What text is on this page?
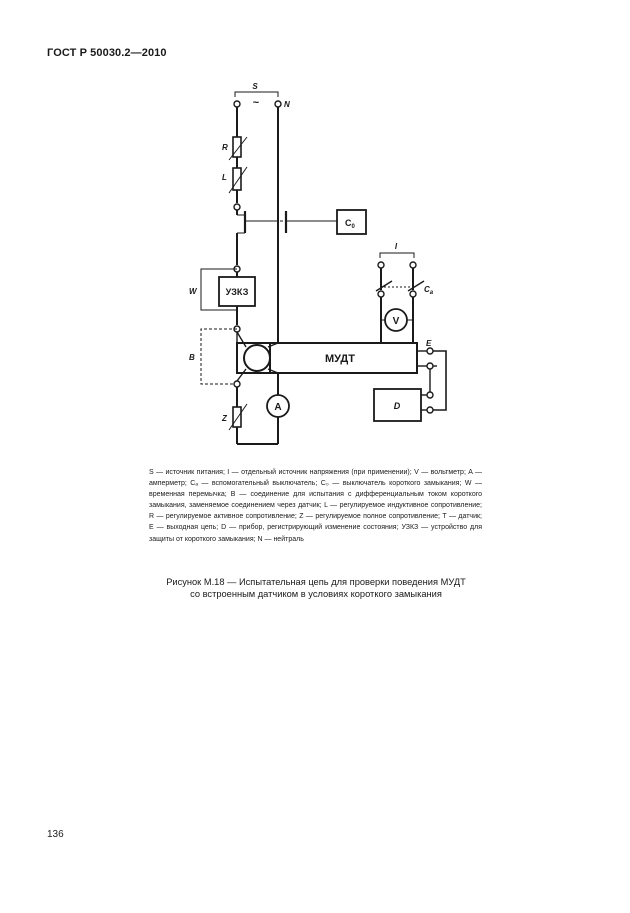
ГОСТ Р 50030.2—2010
S
~	N
R
L
$C_0$
I
$C_a$
W	УЗКЗ
B	МУДТ
E
V
D
Z
A

S — источник питания; I — отдельный источник напряжения (при применении); V — вольтметр; A — амперметр; Cₐ — вспомогательный выключатель; C₀ — выключатель короткого замыкания; W — временная перемычка; B — соединение для испытания с дифференциальным током короткого замыкания, заменяемое соединением через датчик; L — регулируемое индуктивное сопротивление; R — регулируемое активное сопротивление; Z — регулируемое полное сопротивление; T — датчик; E — выходная цепь; D — прибор, регистрирующий изменение состояния; УЗКЗ — устройство для защиты от короткого замыкания; N — нейтраль

Рисунок М.18 — Испытательная цепь для проверки поведения МУДТ
со встроенным датчиком в условиях короткого замыкания
136
